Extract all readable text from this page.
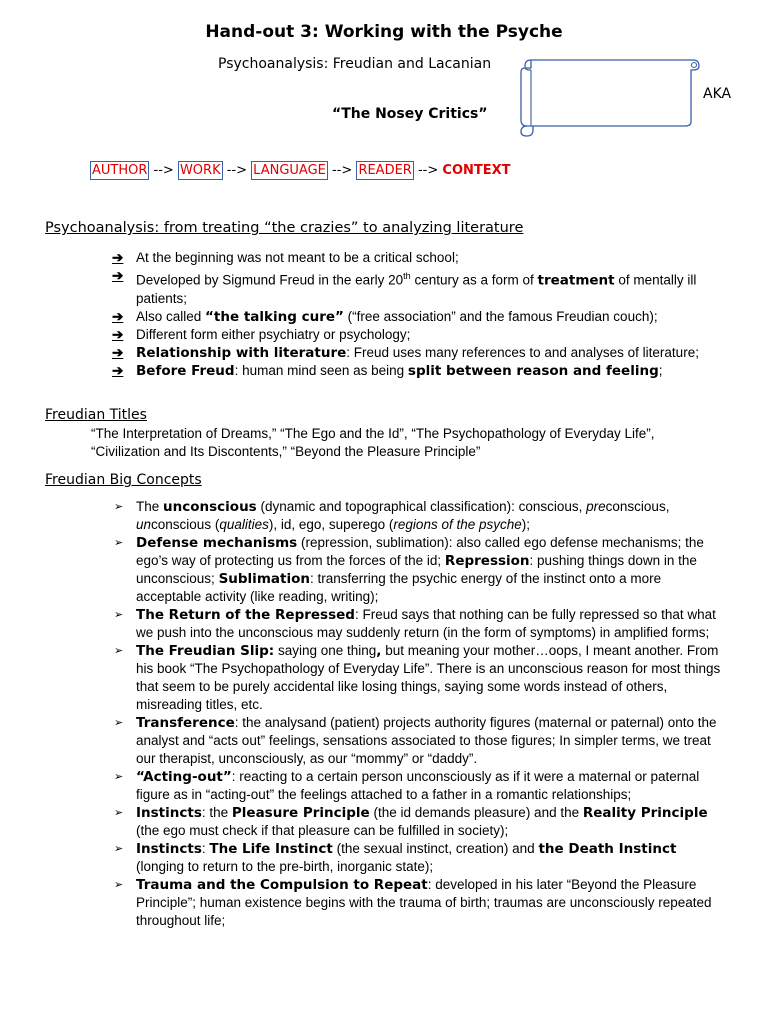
Hand-out 3: Working with the Psyche
Psychoanalysis: Freudian and Lacanian
“The Nosey Critics”
AKA
AUTHOR --> WORK --> LANGUAGE --> READER --> CONTEXT
Psychoanalysis: from treating “the crazies” to analyzing literature
➔ At the beginning was not meant to be a critical school;
➔ Developed by Sigmund Freud in the early 20th century as a form of treatment of mentally ill patients;
➔ Also called “the talking cure” (“free association” and the famous Freudian couch);
➔ Different form either psychiatry or psychology;
➔ Relationship with literature: Freud uses many references to and analyses of literature;
➔ Before Freud: human mind seen as being split between reason and feeling;
Freudian Titles
“The Interpretation of Dreams,” “The Ego and the Id”, “The Psychopathology of Everyday Life”, “Civilization and Its Discontents,” “Beyond the Pleasure Principle”
Freudian Big Concepts
➢ The unconscious (dynamic and topographical classification): conscious, preconscious, unconscious (qualities), id, ego, superego (regions of the psyche);
➢ Defense mechanisms (repression, sublimation): also called ego defense mechanisms; the ego’s way of protecting us from the forces of the id; Repression: pushing things down in the unconscious; Sublimation: transferring the psychic energy of the instinct onto a more acceptable activity (like reading, writing);
➢ The Return of the Repressed: Freud says that nothing can be fully repressed so that what we push into the unconscious may suddenly return (in the form of symptoms) in amplified forms;
➢ The Freudian Slip: saying one thing, but meaning your mother…oops, I meant another. From his book “The Psychopathology of Everyday Life”. There is an unconscious reason for most things that seem to be purely accidental like losing things, saying some words instead of others, misreading titles, etc.
➢ Transference: the analysand (patient) projects authority figures (maternal or paternal) onto the analyst and “acts out” feelings, sensations associated to those figures; In simpler terms, we treat our therapist, unconsciously, as our “mommy” or “daddy”.
➢ “Acting-out”: reacting to a certain person unconsciously as if it were a maternal or paternal figure as in “acting-out” the feelings attached to a father in a romantic relationships;
➢ Instincts: the Pleasure Principle (the id demands pleasure) and the Reality Principle (the ego must check if that pleasure can be fulfilled in society);
➢ Instincts: The Life Instinct (the sexual instinct, creation) and the Death Instinct (longing to return to the pre-birth, inorganic state);
➢ Trauma and the Compulsion to Repeat: developed in his later “Beyond the Pleasure Principle”; human existence begins with the trauma of birth; traumas are unconsciously repeated throughout life;
